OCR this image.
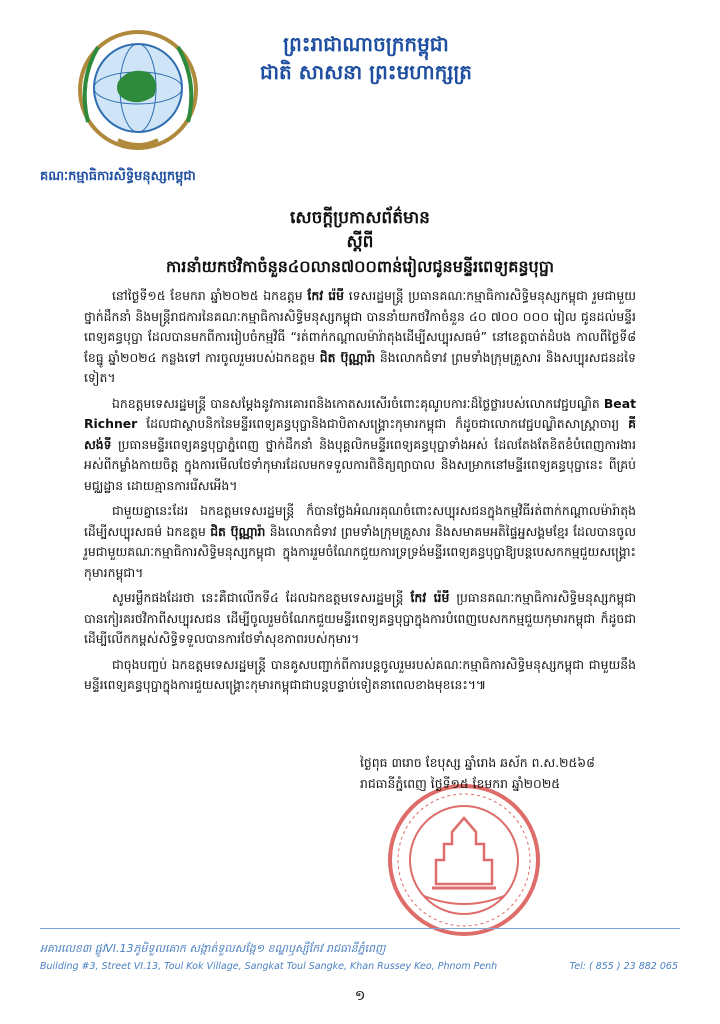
គណៈកម្មាធិការសិទ្ធិមនុស្សកម្ពុជា
ព្រះរាជាណាចក្រកម្ពុជា
ជាតិ សាសនា ព្រះមហាក្សត្រ
សេចក្តីប្រកាសព័ត៌មាន
ស្តីពី
ការនាំយកថវិកាចំនួន៤០លាន៧០០ពាន់រៀលជូនមន្ទីរពេទ្យគន្ធបុប្ផា

នៅថ្ងៃទី១៥ ខែមករា ឆ្នាំ២០២៥ ឯកឧត្តម កែវ រ៉េមី ទេសរដ្ឋមន្ត្រី ប្រធានគណៈកម្មាធិការសិទ្ធិមនុស្សកម្ពុជា រួមជាមួយថ្នាក់ដឹកនាំ និងមន្ត្រីរាជការនៃគណៈកម្មាធិការសិទ្ធិមនុស្សកម្ពុជា បាននាំយកថវិកាចំនួន ៤០ ៧០០ ០០០ រៀល ជូនដល់មន្ទីរពេទ្យគន្ធបុប្ផា ដែលបានមកពីការរៀបចំកម្មវិធី “រត់ពាក់កណ្តាលម៉ារ៉ាតុងដើម្បីសប្បុរសធម៌” នៅខេត្តបាត់ដំបង កាលពីថ្ងៃទី៨ ខែធ្នូ ឆ្នាំ២០២៤ កន្លងទៅ ការចូលរួមរបស់ឯកឧត្តម ជិត ប៊ុណ្ណារ៉ា និងលោកជំទាវ ព្រមទាំងក្រុមគ្រួសារ និងសប្បុរសជនដទៃទៀត។

ឯកឧត្តមទេសរដ្ឋមន្ត្រី បានសម្តែងនូវការគោរពនិងកោតសរសើរចំពោះគុណូបការៈដ៏ថ្លៃថ្លារបស់លោកវេជ្ជបណ្ឌិត Beat Richner ដែលជាស្ថាបនិកនៃមន្ទីរពេទ្យគន្ធបុប្ផានិងជាបិតាសង្គ្រោះកុមារកម្ពុជា ក៏ដូចជាលោកវេជ្ជបណ្ឌិតសាស្ត្រាចារ្យ គី សង់ទី ប្រធានមន្ទីរពេទ្យគន្ធបុប្ផាភ្នំពេញ ថ្នាក់ដឹកនាំ និងបុគ្គលិកមន្ទីរពេទ្យគន្ធបុប្ផាទាំងអស់ ដែលតែងតែខិតខំបំពេញការងារអស់ពីកម្លាំងកាយចិត្ត ក្នុងការមើលថែទាំកុមារដែលមកទទួលការពិនិត្យព្យាបាល និងសម្រាកនៅមន្ទីរពេទ្យគន្ធបុប្ផានេះ ពីគ្រប់មជ្ឈដ្ឋាន ដោយគ្មានការរើសអើង។

ជាមួយគ្នានេះដែរ ឯកឧត្តមទេសរដ្ឋមន្ត្រី ក៏បានថ្លែងអំណរគុណចំពោះសប្បុរសជនក្នុងកម្មវិធីរត់ពាក់កណ្តាលម៉ារ៉ាតុងដើម្បីសប្បុរសធម៌ ឯកឧត្តម ជិត ប៊ុណ្ណារ៉ា និងលោកជំទាវ ព្រមទាំងក្រុមគ្រួសារ និងសមាគមអតិផ្ទៃអ្នសង្គមខ្មែរ ដែលបានចូលរួមជាមួយគណៈកម្មាធិការសិទ្ធិមនុស្សកម្ពុជា ក្នុងការរួមចំណែកជួយការទ្រទ្រង់មន្ទីរពេទ្យគន្ធបុប្ផាឱ្យបន្តបេសកកម្មជួយសង្គ្រោះកុមារកម្ពុជា។

សូមរម្លឹកផងដែរថា នេះគឺជាលើកទី៤ ដែលឯកឧត្តមទេសរដ្ឋមន្ត្រី កែវ រ៉េមី ប្រធានគណៈកម្មាធិការសិទ្ធិមនុស្សកម្ពុជា បានកៀរគរថវិកាពីសប្បុរសជន ដើម្បីចូលរួមចំណែកជួយមន្ទីរពេទ្យគន្ធបុប្ផាក្នុងការបំពេញបេសកកម្មជួយកុមារកម្ពុជា ក៏ដូចជាដើម្បីលើកកម្ពស់សិទ្ធិទទួលបានការថែទាំសុខភាពរបស់កុមារ។

ជាចុងបញ្ចប់ ឯកឧត្តមទេសរដ្ឋមន្ត្រី បានគូសបញ្ជាក់ពីការបន្តចូលរួមរបស់គណៈកម្មាធិការសិទ្ធិមនុស្សកម្ពុជា ជាមួយនឹងមន្ទីរពេទ្យគន្ធបុប្ផាក្នុងការជួយសង្គ្រោះកុមារកម្ពុជាជាបន្តបន្ទាប់ទៀតនាពេលខាងមុខនេះ។៕

ថ្ងៃពុធ ៣រោច ខែបុស្ស ឆ្នាំរោង ឆស័ក ព.ស.២៥៦៨
រាជធានីភ្នំពេញ ថ្ងៃទី១៥ ខែមករា ឆ្នាំ២០២៥
អគារលេខ៣ ផ្លូវVI.13ភូមិទួលគោក សង្កាត់ទួលសង្កែ១ ខណ្ឌឫស្សីកែវ រាជធានីភ្នំពេញ
Building #3, Street VI.13, Toul Kok Village, Sangkat Toul Sangke, Khan Russey Keo, Phnom Penh	Tel: ( 855 ) 23 882 065
១
